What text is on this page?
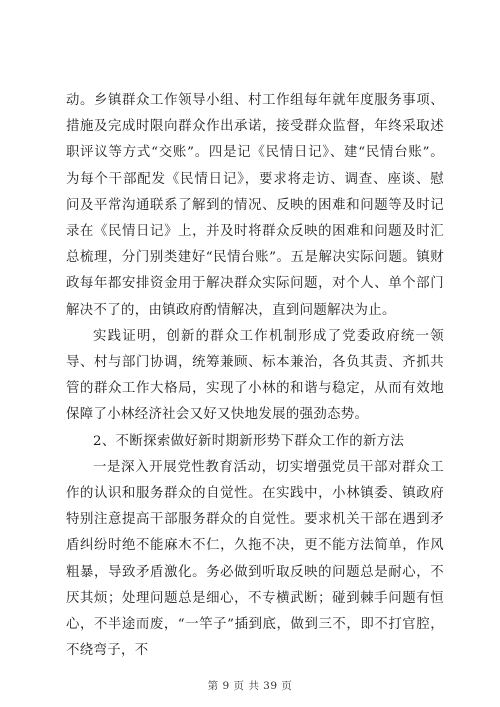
动。乡镇群众工作领导小组、村工作组每年就年度服务事项、措施及完成时限向群众作出承诺，接受群众监督，年终采取述职评议等方式“交账”。四是记《民情日记》、建“民情台账”。为每个干部配发《民情日记》，要求将走访、调查、座谈、慰问及平常沟通联系了解到的情况、反映的困难和问题等及时记录在《民情日记》上，并及时将群众反映的困难和问题及时汇总梳理，分门别类建好“民情台账”。五是解决实际问题。镇财政每年都安排资金用于解决群众实际问题，对个人、单个部门解决不了的，由镇政府酌情解决，直到问题解决为止。

实践证明，创新的群众工作机制形成了党委政府统一领导、村与部门协调，统筹兼顾、标本兼治，各负其责、齐抓共管的群众工作大格局，实现了小林的和谐与稳定，从而有效地保障了小林经济社会又好又快地发展的强劲态势。

2、不断探索做好新时期新形势下群众工作的新方法

一是深入开展党性教育活动，切实增强党员干部对群众工作的认识和服务群众的自觉性。在实践中，小林镇委、镇政府特别注意提高干部服务群众的自觉性。要求机关干部在遇到矛盾纠纷时绝不能麻木不仁，久拖不决，更不能方法简单，作风粗暴，导致矛盾激化。务必做到听取反映的问题总是耐心，不厌其烦；处理问题总是细心，不专横武断；碰到棘手问题有恒心，不半途而废，“一竿子”插到底，做到三不，即不打官腔，不绕弯子，不

第 9 页 共 39 页
